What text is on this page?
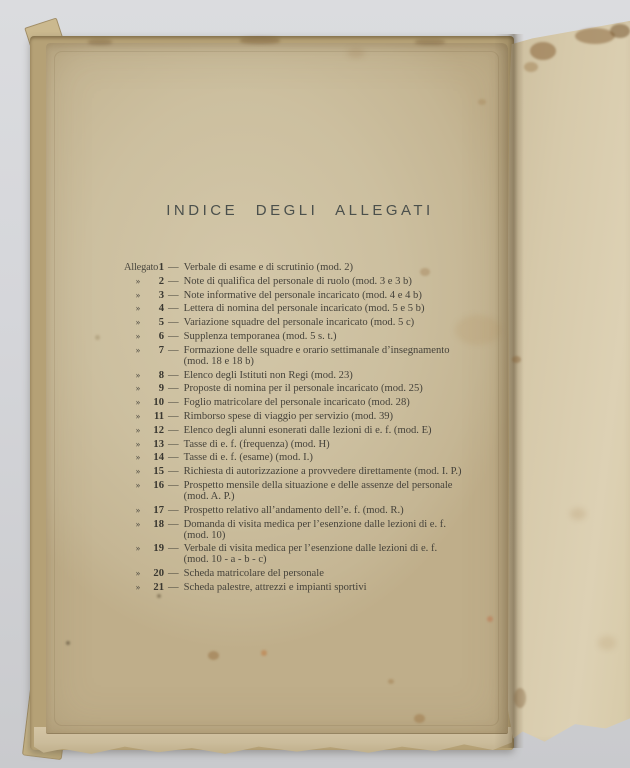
INDICE DEGLI ALLEGATI
Allegato 1 — Verbale di esame e di scrutinio (mod. 2)
»	2 — Note di qualifica del personale di ruolo (mod. 3 e 3 b)
»	3 — Note informative del personale incaricato (mod. 4 e 4 b)
»	4 — Lettera di nomina del personale incaricato (mod. 5 e 5 b)
»	5 — Variazione squadre del personale incaricato (mod. 5 c)
»	6 — Supplenza temporanea (mod. 5 s. t.)
»	7 — Formazione delle squadre e orario settimanale d’insegnamento
(mod. 18 e 18 b)
»	8 — Elenco degli Istituti non Regi (mod. 23)
»	9 — Proposte di nomina per il personale incaricato (mod. 25)
»	10 — Foglio matricolare del personale incaricato (mod. 28)
»	11 — Rimborso spese di viaggio per servizio (mod. 39)
»	12 — Elenco degli alunni esonerati dalle lezioni di e. f. (mod. E)
»	13 — Tasse di e. f. (frequenza) (mod. H)
»	14 — Tasse di e. f. (esame) (mod. I.)
»	15 — Richiesta di autorizzazione a provvedere direttamente (mod. I. P.)
»	16 — Prospetto mensile della situazione e delle assenze del personale
(mod. A. P.)
»	17 — Prospetto relativo all’andamento dell’e. f. (mod. R.)
»	18 — Domanda di visita medica per l’esenzione dalle lezioni di e. f.
(mod. 10)
»	19 — Verbale di visita medica per l’esenzione dalle lezioni di e. f.
(mod. 10 - a - b - c)
»	20 — Scheda matricolare del personale
»	21 — Scheda palestre, attrezzi e impianti sportivi
